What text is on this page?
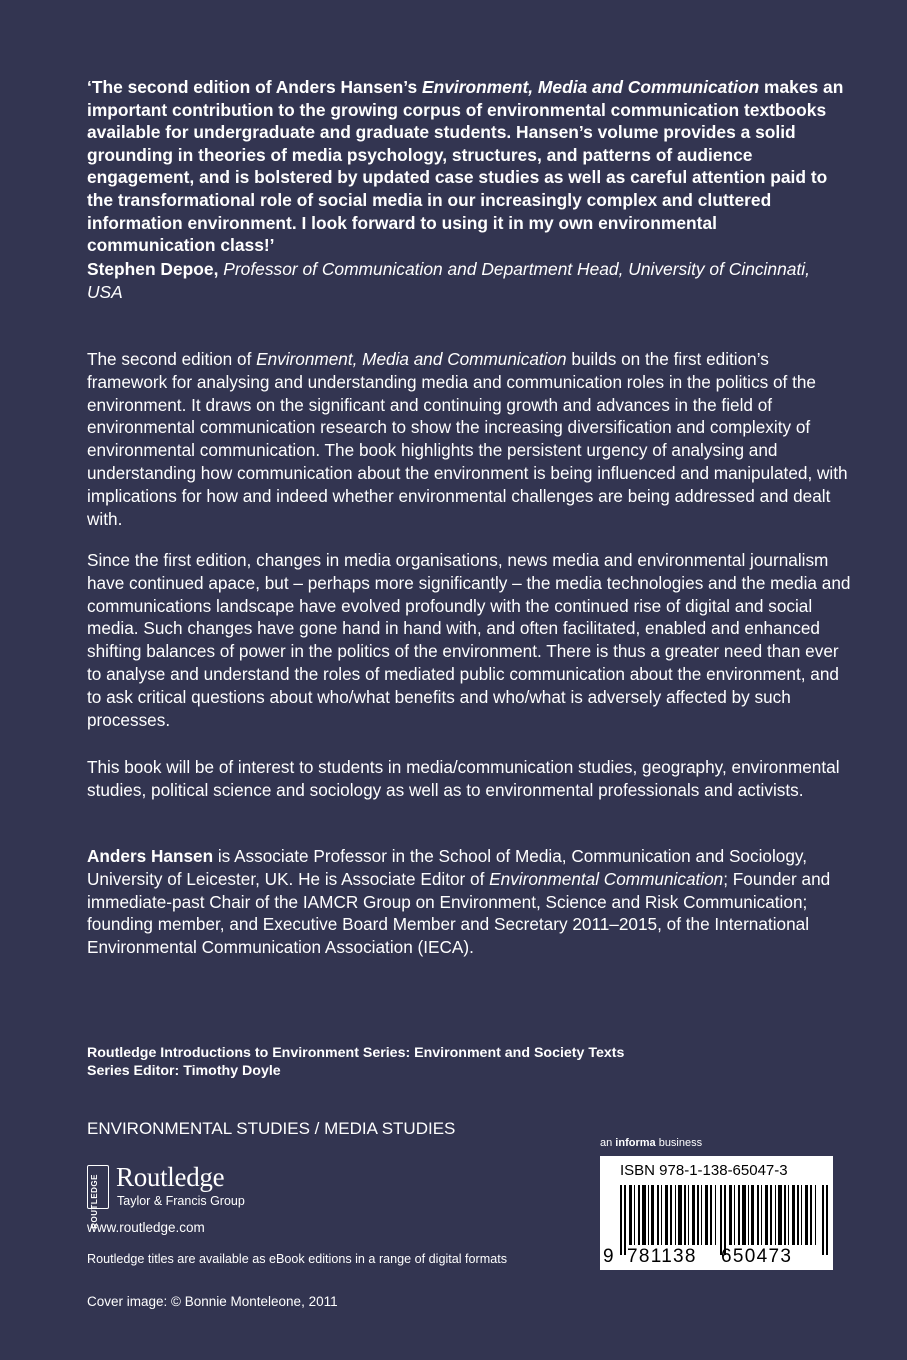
‘The second edition of Anders Hansen’s Environment, Media and Communication makes an important contribution to the growing corpus of environmental communication textbooks available for undergraduate and graduate students. Hansen’s volume provides a solid grounding in theories of media psychology, structures, and patterns of audience engagement, and is bolstered by updated case studies as well as careful attention paid to the transformational role of social media in our increasingly complex and cluttered information environment. I look forward to using it in my own environmental communication class!’
Stephen Depoe, Professor of Communication and Department Head, University of Cincinnati, USA
The second edition of Environment, Media and Communication builds on the first edition’s framework for analysing and understanding media and communication roles in the politics of the environment. It draws on the significant and continuing growth and advances in the field of environmental communication research to show the increasing diversification and complexity of environmental communication. The book highlights the persistent urgency of analysing and understanding how communication about the environment is being influenced and manipulated, with implications for how and indeed whether environmental challenges are being addressed and dealt with.
Since the first edition, changes in media organisations, news media and environmental journalism have continued apace, but – perhaps more significantly – the media technologies and the media and communications landscape have evolved profoundly with the continued rise of digital and social media. Such changes have gone hand in hand with, and often facilitated, enabled and enhanced shifting balances of power in the politics of the environment. There is thus a greater need than ever to analyse and understand the roles of mediated public communication about the environment, and to ask critical questions about who/what benefits and who/what is adversely affected by such processes.
This book will be of interest to students in media/communication studies, geography, environmental studies, political science and sociology as well as to environmental professionals and activists.
Anders Hansen is Associate Professor in the School of Media, Communication and Sociology, University of Leicester, UK. He is Associate Editor of Environmental Communication; Founder and immediate-past Chair of the IAMCR Group on Environment, Science and Risk Communication; founding member, and Executive Board Member and Secretary 2011–2015, of the International Environmental Communication Association (IECA).
Routledge Introductions to Environment Series: Environment and Society Texts
Series Editor: Timothy Doyle
ENVIRONMENTAL STUDIES / MEDIA STUDIES
ROUTLEDGE Routledge
Taylor & Francis Group
www.routledge.com
Routledge titles are available as eBook editions in a range of digital formats
Cover image: © Bonnie Monteleone, 2011
an informa business
ISBN 978-1-138-65047-3
9 781138 650473
